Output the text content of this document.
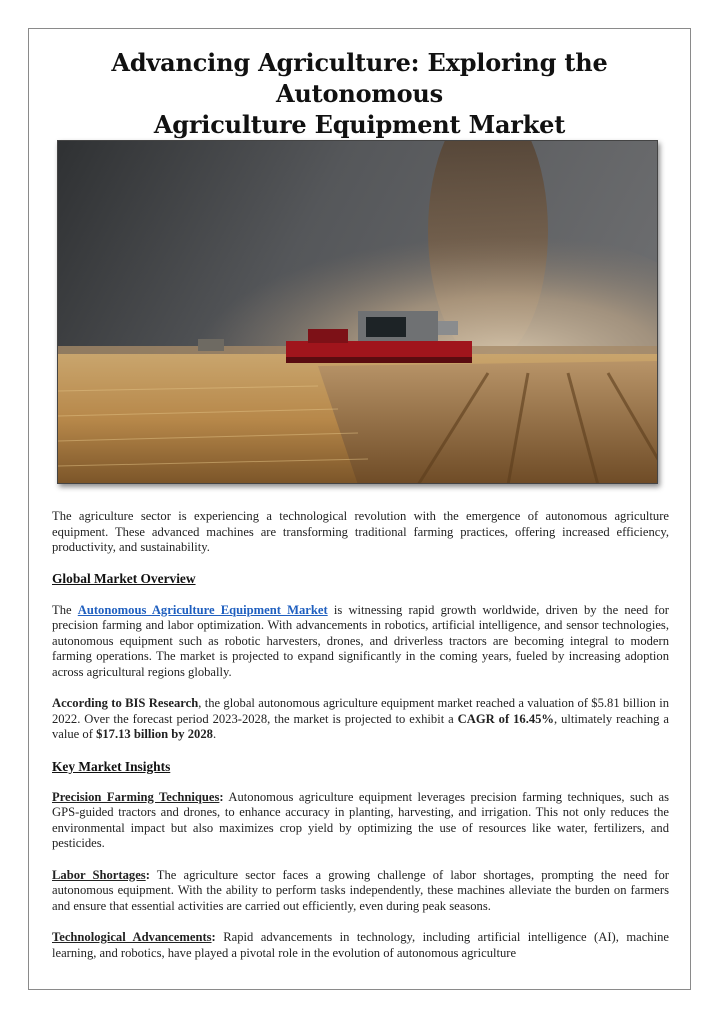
Advancing Agriculture: Exploring the Autonomous
Agriculture Equipment Market

The agriculture sector is experiencing a technological revolution with the emergence of autonomous agriculture equipment. These advanced machines are transforming traditional farming practices, offering increased efficiency, productivity, and sustainability.

Global Market Overview

The Autonomous Agriculture Equipment Market is witnessing rapid growth worldwide, driven by the need for precision farming and labor optimization. With advancements in robotics, artificial intelligence, and sensor technologies, autonomous equipment such as robotic harvesters, drones, and driverless tractors are becoming integral to modern farming operations. The market is projected to expand significantly in the coming years, fueled by increasing adoption across agricultural regions globally.

According to BIS Research, the global autonomous agriculture equipment market reached a valuation of $5.81 billion in 2022. Over the forecast period 2023-2028, the market is projected to exhibit a CAGR of 16.45%, ultimately reaching a value of $17.13 billion by 2028.

Key Market Insights

Precision Farming Techniques: Autonomous agriculture equipment leverages precision farming techniques, such as GPS-guided tractors and drones, to enhance accuracy in planting, harvesting, and irrigation. This not only reduces the environmental impact but also maximizes crop yield by optimizing the use of resources like water, fertilizers, and pesticides.

Labor Shortages: The agriculture sector faces a growing challenge of labor shortages, prompting the need for autonomous equipment. With the ability to perform tasks independently, these machines alleviate the burden on farmers and ensure that essential activities are carried out efficiently, even during peak seasons.

Technological Advancements: Rapid advancements in technology, including artificial intelligence (AI), machine learning, and robotics, have played a pivotal role in the evolution of autonomous agriculture
